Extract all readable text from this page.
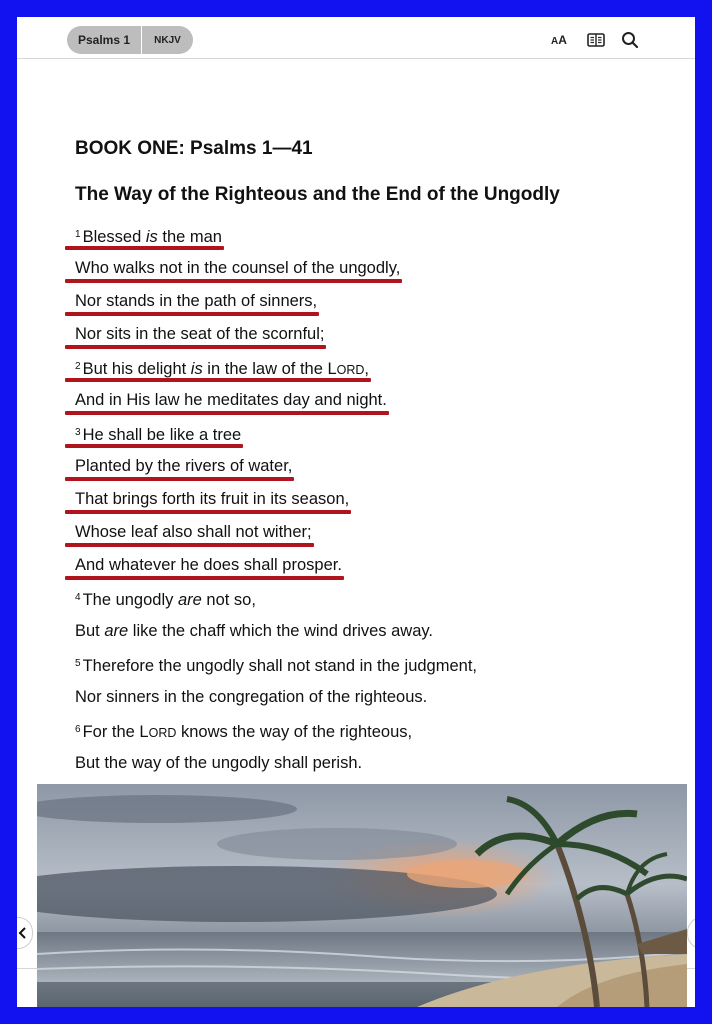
Psalms 1	NKJV	AA
BOOK ONE: Psalms 1—41
The Way of the Righteous and the End of the Ungodly
$^1$ Blessed is the man
Who walks not in the counsel of the ungodly,
Nor stands in the path of sinners,
Nor sits in the seat of the scornful;
$^2$ But his delight is in the law of the LORD,
And in His law he meditates day and night.
$^3$ He shall be like a tree
Planted by the rivers of water,
That brings forth its fruit in its season,
Whose leaf also shall not wither;
And whatever he does shall prosper.
$^4$ The ungodly are not so,
But are like the chaff which the wind drives away.
$^5$ Therefore the ungodly shall not stand in the judgment,
Nor sinners in the congregation of the righteous.
$^6$ For the LORD knows the way of the righteous,
But the way of the ungodly shall perish.
